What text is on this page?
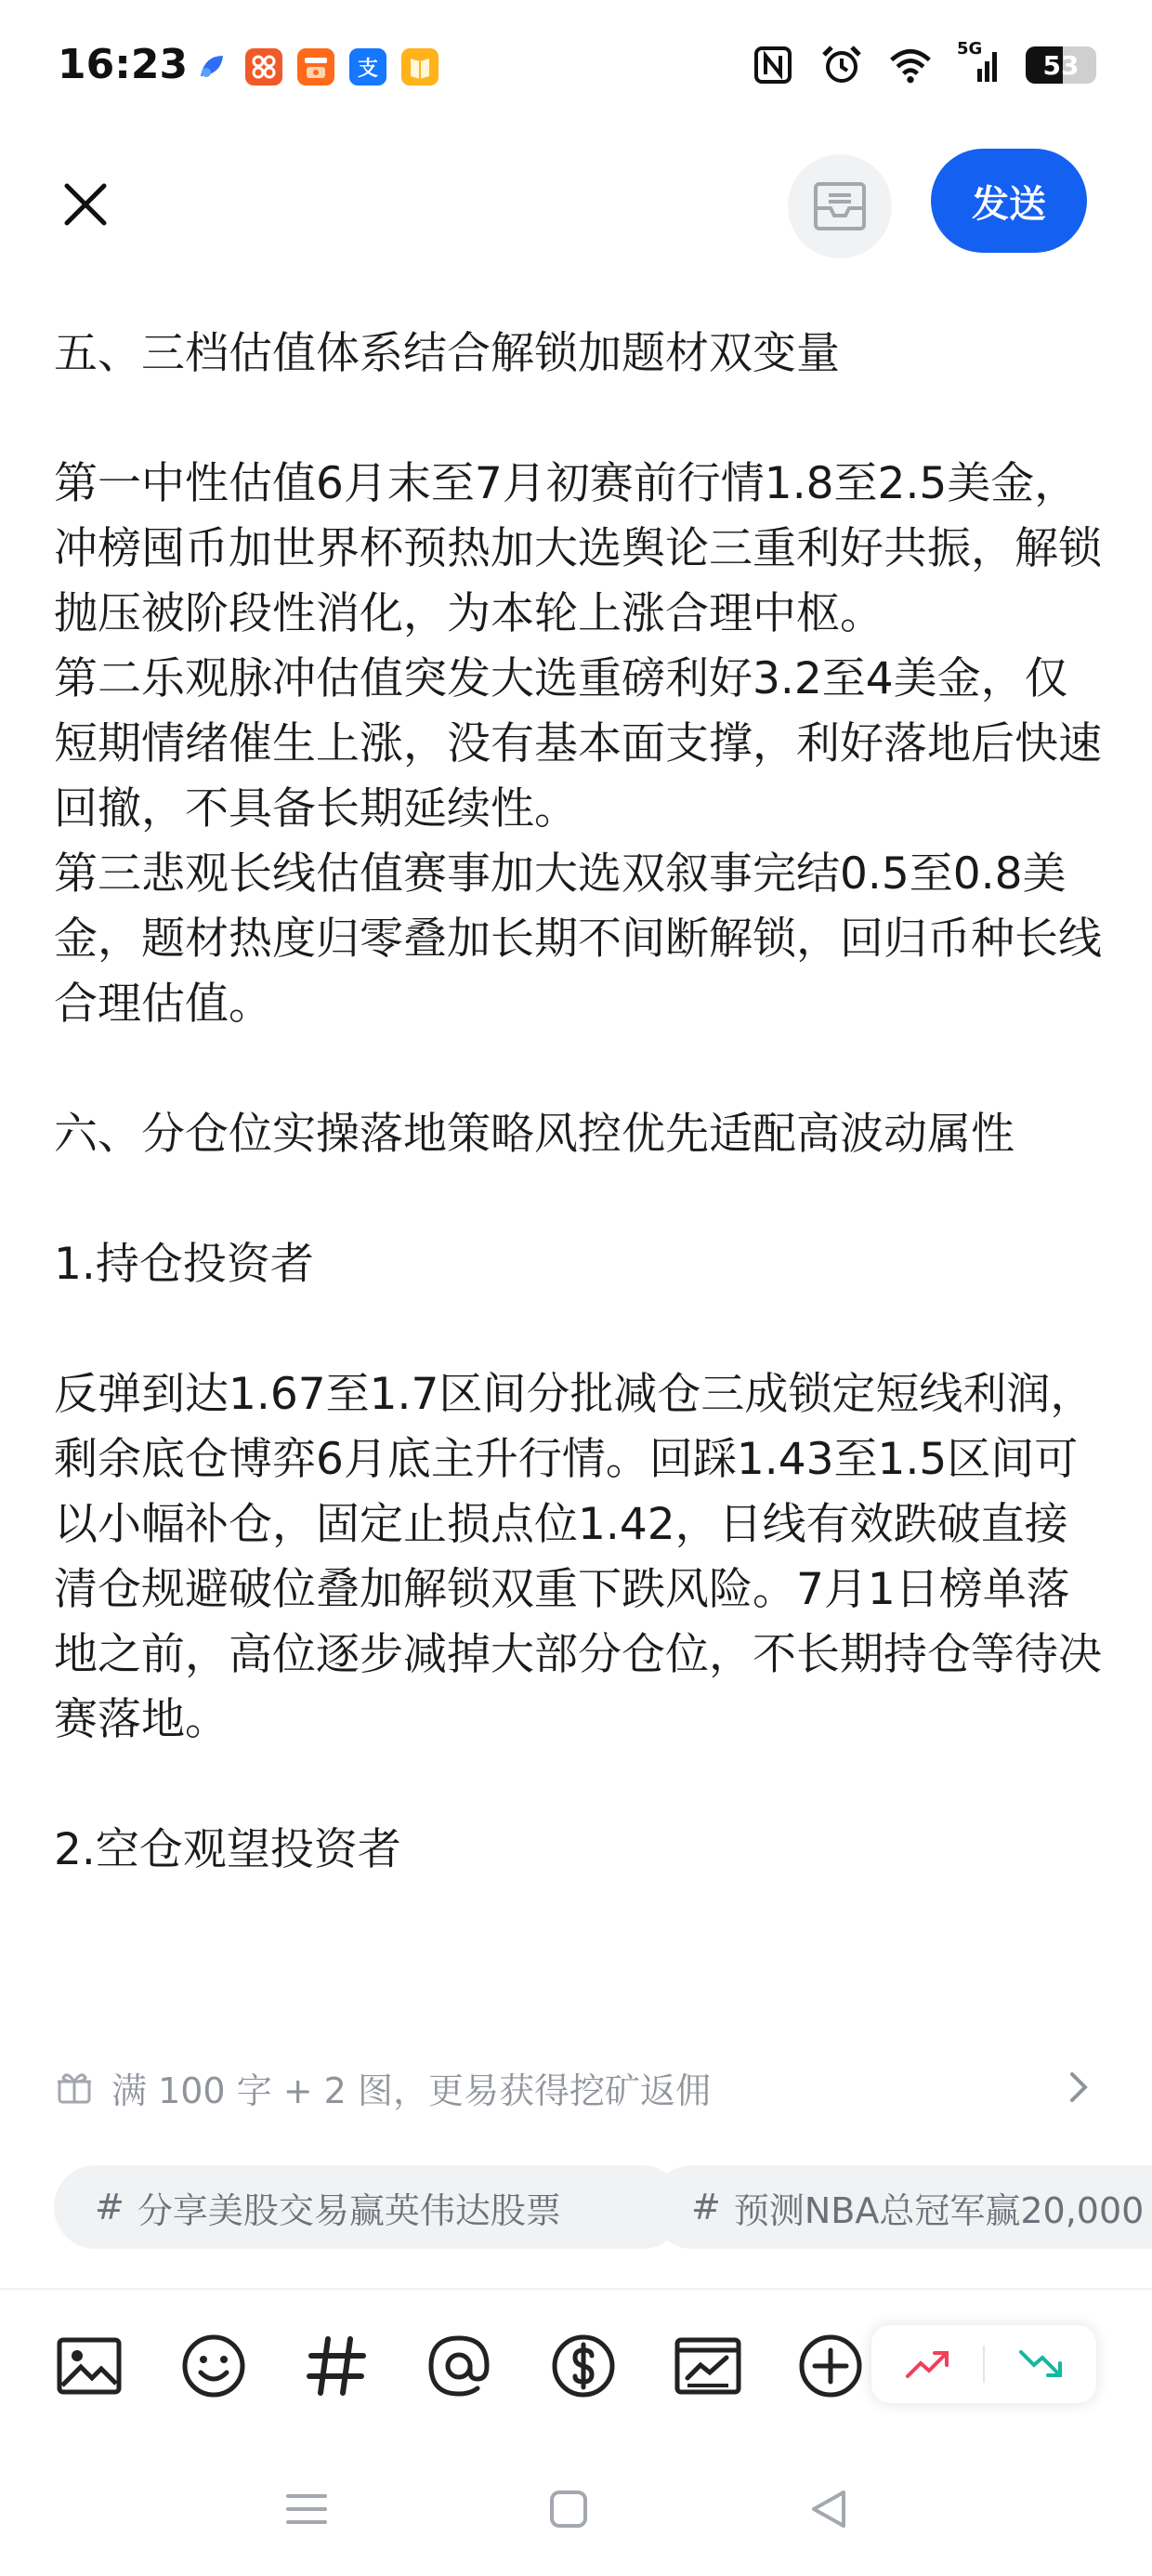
16:23	支
5G
53
发送

五、三档估值体系结合解锁加题材双变量

第一中性估值6月末至7月初赛前行情1.8至2.5美金，冲榜囤币加世界杯预热加大选舆论三重利好共振，解锁抛压被阶段性消化，为本轮上涨合理中枢。

第二乐观脉冲估值突发大选重磅利好3.2至4美金，仅短期情绪催生上涨，没有基本面支撑，利好落地后快速回撤，不具备长期延续性。

第三悲观长线估值赛事加大选双叙事完结0.5至0.8美金，题材热度归零叠加长期不间断解锁，回归币种长线合理估值。

六、分仓位实操落地策略风控优先适配高波动属性

1.持仓投资者

反弹到达1.67至1.7区间分批减仓三成锁定短线利润，剩余底仓博弈6月底主升行情。回踩1.43至1.5区间可以小幅补仓，固定止损点位1.42，日线有效跌破直接清仓规避破位叠加解锁双重下跌风险。7月1日榜单落地之前，高位逐步减掉大部分仓位，不长期持仓等待决赛落地。

2.空仓观望投资者

满 100 字 + 2 图，更易获得挖矿返佣
# 分享美股交易赢英伟达股票	# 预测NBA总冠军赢20,000
